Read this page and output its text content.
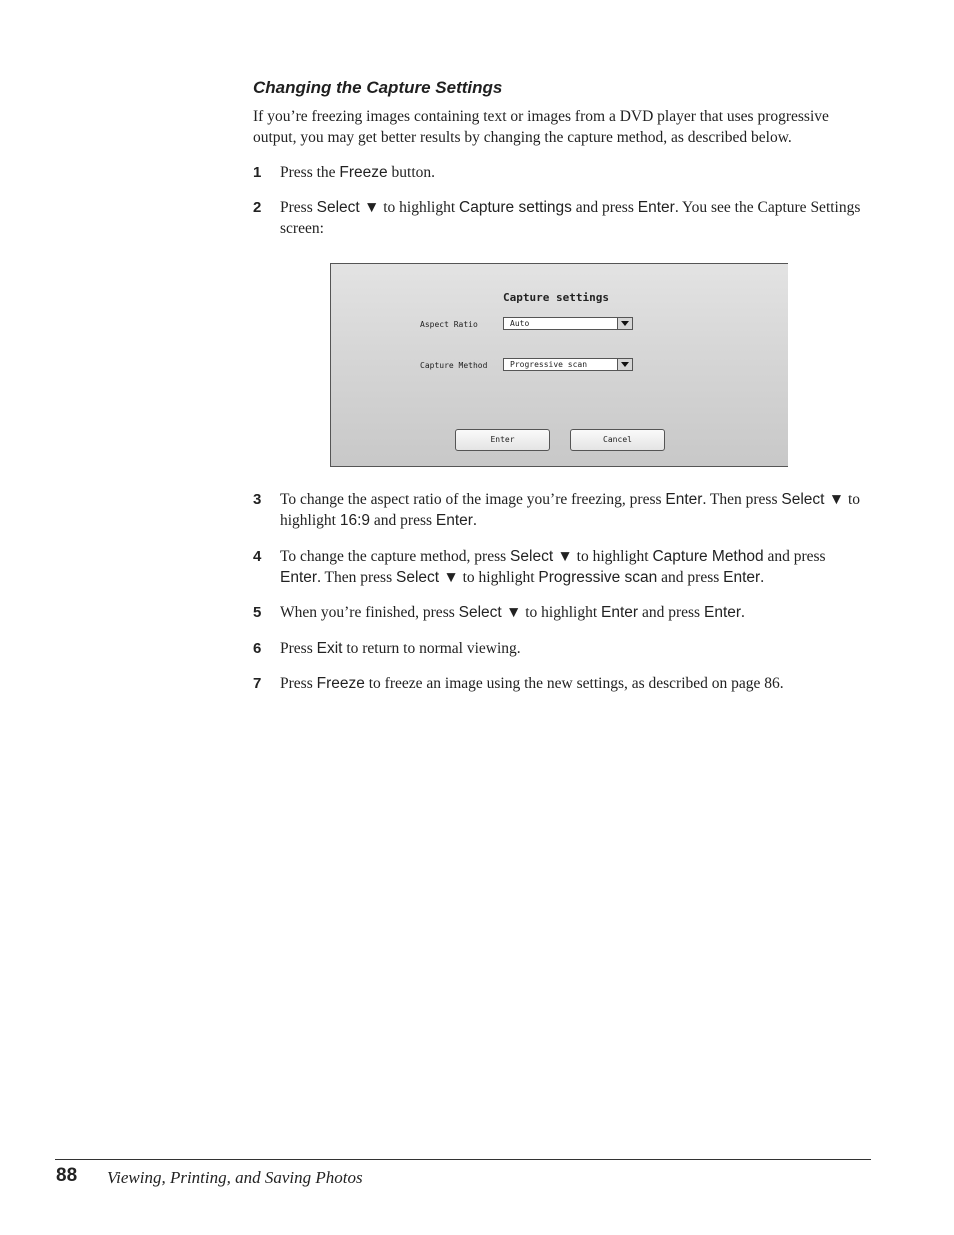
Changing the Capture Settings
If you’re freezing images containing text or images from a DVD player that uses progressive output, you may get better results by changing the capture method, as described below.
1 Press the Freeze button.
2 Press Select ▼ to highlight Capture settings and press Enter. You see the Capture Settings screen:
Capture settings
Aspect Ratio	Auto
Capture Method	Progressive scan
Enter	Cancel
3 To change the aspect ratio of the image you’re freezing, press Enter. Then press Select ▼ to highlight 16:9 and press Enter.
4 To change the capture method, press Select ▼ to highlight Capture Method and press Enter. Then press Select ▼ to highlight Progressive scan and press Enter.
5 When you’re finished, press Select ▼ to highlight Enter and press Enter.
6 Press Exit to return to normal viewing.
7 Press Freeze to freeze an image using the new settings, as described on page 86.
88 Viewing, Printing, and Saving Photos
